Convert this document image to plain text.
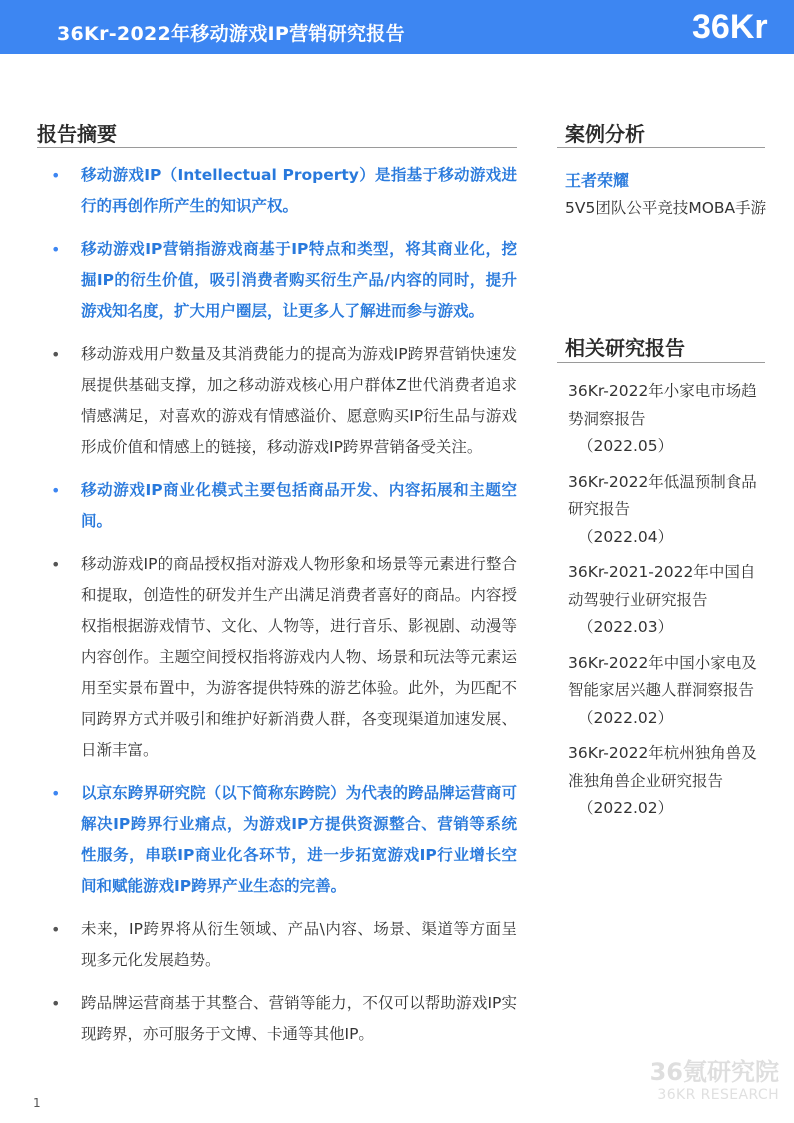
36Kr-2022年移动游戏IP营销研究报告	36Kr
报告摘要
• 移动游戏IP（Intellectual Property）是指基于移动游戏进行的再创作所产生的知识产权。
• 移动游戏IP营销指游戏商基于IP特点和类型，将其商业化，挖掘IP的衍生价值，吸引消费者购买衍生产品/内容的同时，提升游戏知名度，扩大用户圈层，让更多人了解进而参与游戏。
• 移动游戏用户数量及其消费能力的提高为游戏IP跨界营销快速发展提供基础支撑，加之移动游戏核心用户群体Z世代消费者追求情感满足，对喜欢的游戏有情感溢价、愿意购买IP衍生品与游戏形成价值和情感上的链接，移动游戏IP跨界营销备受关注。
• 移动游戏IP商业化模式主要包括商品开发、内容拓展和主题空间。
• 移动游戏IP的商品授权指对游戏人物形象和场景等元素进行整合和提取，创造性的研发并生产出满足消费者喜好的商品。内容授权指根据游戏情节、文化、人物等，进行音乐、影视剧、动漫等内容创作。主题空间授权指将游戏内人物、场景和玩法等元素运用至实景布置中，为游客提供特殊的游艺体验。此外，为匹配不同跨界方式并吸引和维护好新消费人群，各变现渠道加速发展、日渐丰富。
• 以京东跨界研究院（以下简称东跨院）为代表的跨品牌运营商可解决IP跨界行业痛点，为游戏IP方提供资源整合、营销等系统性服务，串联IP商业化各环节，进一步拓宽游戏IP行业增长空间和赋能游戏IP跨界产业生态的完善。
• 未来，IP跨界将从衍生领域、产品\内容、场景、渠道等方面呈现多元化发展趋势。
• 跨品牌运营商基于其整合、营销等能力，不仅可以帮助游戏IP实现跨界，亦可服务于文博、卡通等其他IP。
案例分析
王者荣耀
5V5团队公平竞技MOBA手游
相关研究报告
36Kr-2022年小家电市场趋势洞察报告
（2022.05）
36Kr-2022年低温预制食品研究报告
（2022.04）
36Kr-2021-2022年中国自动驾驶行业研究报告
（2022.03）
36Kr-2022年中国小家电及智能家居兴趣人群洞察报告
（2022.02）
36Kr-2022年杭州独角兽及准独角兽企业研究报告
（2022.02）
36氪研究院
36KR RESEARCH
1
